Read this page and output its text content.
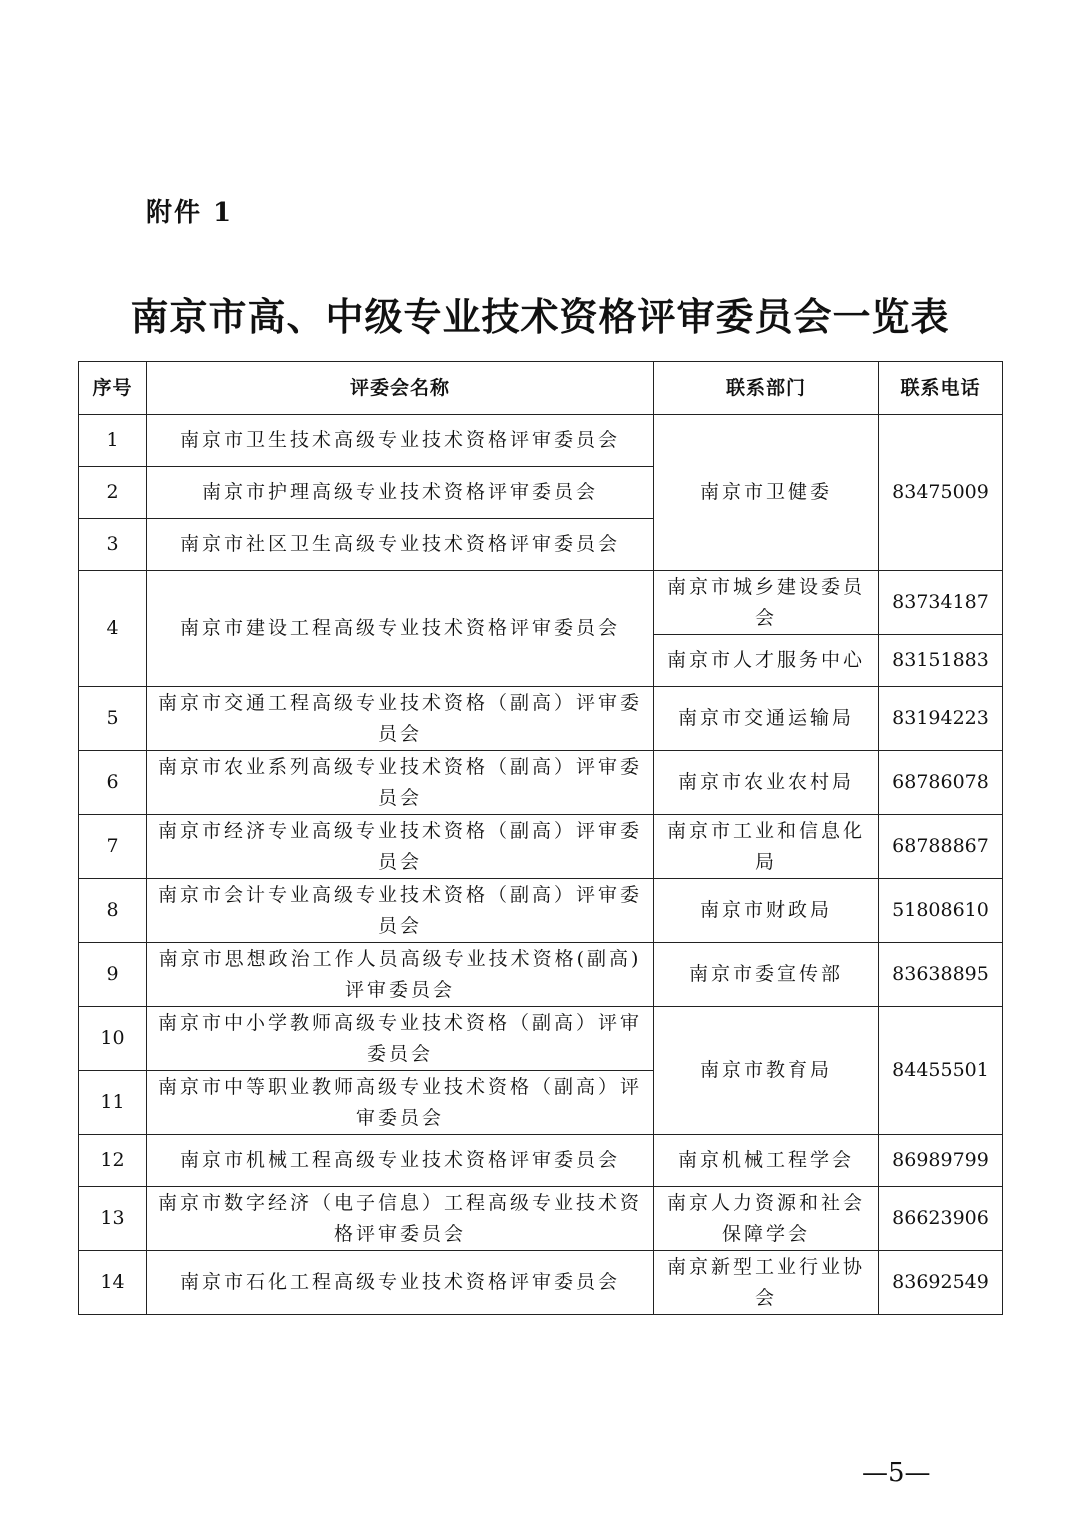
附件 1
南京市高、中级专业技术资格评审委员会一览表
序号	评委会名称	联系部门	联系电话
1	南京市卫生技术高级专业技术资格评审委员会	南京市卫健委	83475009
2	南京市护理高级专业技术资格评审委员会		
3	南京市社区卫生高级专业技术资格评审委员会		
4	南京市建设工程高级专业技术资格评审委员会	南京市城乡建设委员会	83734187
		南京市人才服务中心	83151883
5	南京市交通工程高级专业技术资格（副高）评审委员会	南京市交通运输局	83194223
6	南京市农业系列高级专业技术资格（副高）评审委员会	南京市农业农村局	68786078
7	南京市经济专业高级专业技术资格（副高）评审委员会	南京市工业和信息化局	68788867
8	南京市会计专业高级专业技术资格（副高）评审委员会	南京市财政局	51808610
9	南京市思想政治工作人员高级专业技术资格(副高)评审委员会	南京市委宣传部	83638895
10	南京市中小学教师高级专业技术资格（副高）评审委员会	南京市教育局	84455501
11	南京市中等职业教师高级专业技术资格（副高）评审委员会		
12	南京市机械工程高级专业技术资格评审委员会	南京机械工程学会	86989799
13	南京市数字经济（电子信息）工程高级专业技术资格评审委员会	南京人力资源和社会保障学会	86623906
14	南京市石化工程高级专业技术资格评审委员会	南京新型工业行业协会	83692549
—5—
